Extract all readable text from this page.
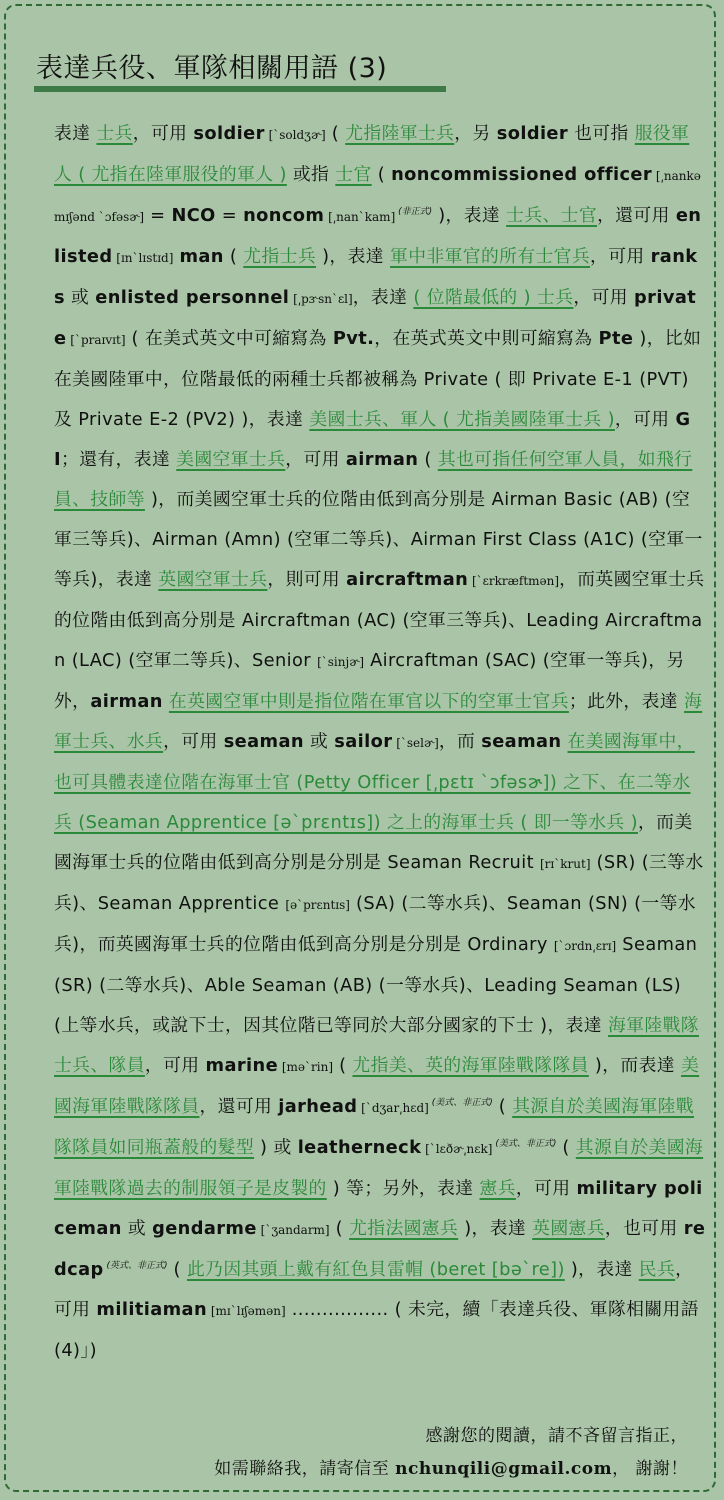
表達兵役、軍隊相關用語 (3)
表達 士兵，可用 soldier [`soldʒɚ] ( 尤指陸軍士兵，另 soldier 也可指 服役軍人 ( 尤指在陸軍服役的軍人 ) 或指 士官 ( noncommissioned officer [͵nankəmɪʃənd `ɔfəsɚ] = NCO = noncom [͵nan`kam] $^{(非正式)}$ )，表達 士兵、士官，還可用 enlisted [ɪn`lɪstɪd] man ( 尤指士兵 )，表達 軍中非軍官的所有士官兵，可用 ranks 或 enlisted personnel [͵pɝsn`ɛl]，表達 ( 位階最低的 ) 士兵，可用 private [`praɪvɪt] ( 在美式英文中可縮寫為 Pvt.，在英式英文中則可縮寫為 Pte )，比如在美國陸軍中，位階最低的兩種士兵都被稱為 Private ( 即 Private E-1 (PVT) 及 Private E-2 (PV2) )，表達 美國士兵、軍人 ( 尤指美國陸軍士兵 )，可用 GI；還有，表達 美國空軍士兵，可用 airman ( 其也可指任何空軍人員，如飛行員、技師等 )，而美國空軍士兵的位階由低到高分別是 Airman Basic (AB) (空軍三等兵)、Airman (Amn) (空軍二等兵)、Airman First Class (A1C) (空軍一等兵)，表達 英國空軍士兵，則可用 aircraftman [`ɛrkræftmən]，而英國空軍士兵的位階由低到高分別是 Aircraftman (AC) (空軍三等兵)、Leading Aircraftman (LAC) (空軍二等兵)、Senior [`sinjɚ] Aircraftman (SAC) (空軍一等兵)，另外，airman 在英國空軍中則是指位階在軍官以下的空軍士官兵；此外，表達 海軍士兵、水兵，可用 seaman 或 sailor [`selɚ]，而 seaman 在美國海軍中，也可具體表達位階在海軍士官 (Petty Officer [͵pɛtɪ `ɔfəsɚ]) 之下、在二等水兵 (Seaman Apprentice [ə`prɛntɪs]) 之上的海軍士兵 ( 即一等水兵 )，而美國海軍士兵的位階由低到高分別是分別是 Seaman Recruit [rɪ`krut] (SR) (三等水兵)、Seaman Apprentice [ə`prɛntɪs] (SA) (二等水兵)、Seaman (SN) (一等水兵)，而英國海軍士兵的位階由低到高分別是分別是 Ordinary [`ɔrdn͵ɛrɪ] Seaman (SR) (二等水兵)、Able Seaman (AB) (一等水兵)、Leading Seaman (LS) (上等水兵，或說下士，因其位階已等同於大部分國家的下士 )，表達 海軍陸戰隊士兵、隊員，可用 marine [mə`rin] ( 尤指美、英的海軍陸戰隊隊員 )，而表達 美國海軍陸戰隊隊員，還可用 jarhead [`dʒar͵hɛd] $^{(美式、非正式)}$ ( 其源自於美國海軍陸戰隊隊員如同瓶蓋般的髮型 ) 或 leatherneck [`lɛðɚ͵nɛk] $^{(美式、非正式)}$ ( 其源自於美國海軍陸戰隊過去的制服領子是皮製的 ) 等；另外，表達 憲兵，可用 military policeman 或 gendarme [`ʒandarm] ( 尤指法國憲兵 )，表達 英國憲兵，也可用 redcap $^{(英式、非正式)}$ ( 此乃因其頭上戴有紅色貝雷帽 (beret [bə`re]) )，表達 民兵，可用 militiaman [mɪ`lɪʃəmən] ................ ( 未完，續「表達兵役、軍隊相關用語 (4)」)
感謝您的閱讀，請不吝留言指正，
如需聯絡我，請寄信至 nchunqili@gmail.com， 謝謝！
